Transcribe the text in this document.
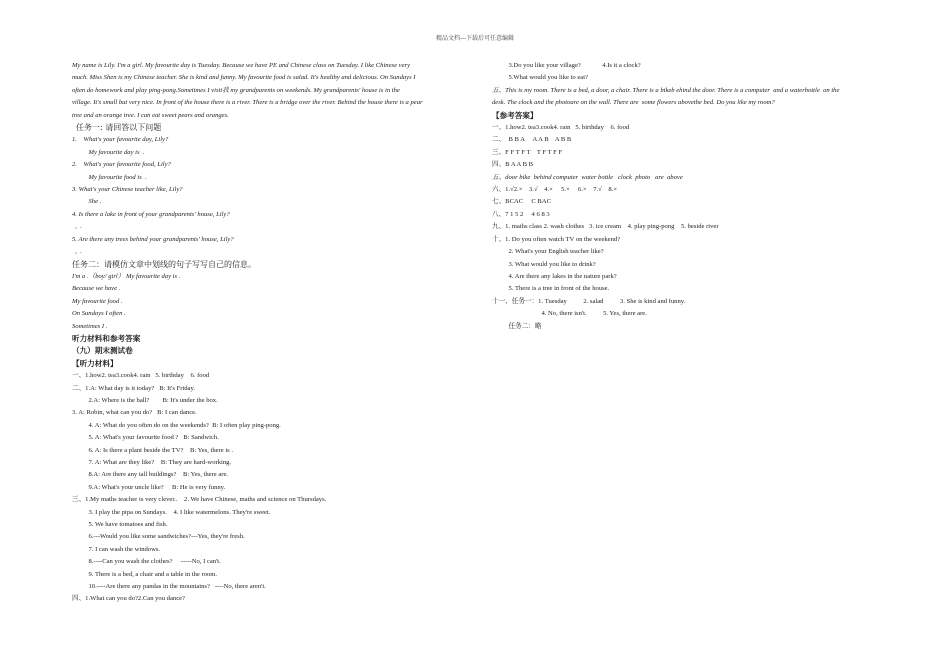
精品文档---下载后可任意编辑
My name is Lily. I'm a girl. My favourite day is Tuesday. Because we have PE and Chinese class on Tuesday. I like Chinese very
much. Miss Shen is my Chinese teacher. She is kind and funny. My favourite food is salad. It's healthy and delicious. On Sundays I
often do homework and play ping-pong.Sometimes I visit我 my grandparents on weekends. My grandparents' house is in the
village. It's small but very nice. In front of the house there is a river. There is a bridge over the river. Behind the house there is a pear
tree and an orange tree. I can eat sweet pears and oranges.
任务一: 请回答以下问题
1.    What's your favourite day, Lily?
My favourite day is  .
2.    What's your favourite food, Lily?
My favourite food is  .
3. What's your Chinese teacher like, Lily?
She .
4. Is there a lake in front of your grandparents' house, Lily?
,  .
5. Are there any trees behind your grandparents' house, Lily?
,  .
任务二：请模仿文章中划线的句子写写自己的信息。
I'm a .（boy/ girl） My favourite day is .
Because we have .
My favourite food .
On Sundays I often .
Sometimes I .
听力材料和参考答案
（九）期末测试卷
【听力材料】
一、1.how2. tea3.cook4. rain   5. birthday    6. food
二、1.A: What day is it today?   B: It's Friday.
2.A: Where is the ball?        B: It's under the box.
3. A: Robin, what can you do?   B: I can dance.
4. A: What do you often do on the weekends?  B: I often play ping-pong.
5. A: What's your favourite food ?   B: Sandwich.
6. A: Is there a plant beside the TV?    B: Yes, there is .
7. A: What are they like?    B: They are hard-working.
8.A: Are there any tall buildings?    B: Yes, there are.
9.A: What's your uncle like?     B: He is very funny.
三、1.My maths teacher is very clever..    2. We have Chinese, maths and science on Thursdays.
3. I play the pipa on Sundays.    4. I like watermelons. They're sweet.
5. We have tomatoes and fish.
6.---Would you like some sandwiches?---Yes, they're fresh.
7. I can wash the windows.
8.----Can you wash the clothes?     -----No, I can't.
9. There is a bed, a chair and a table in the room.
10.----Are there any pandas in the mountains?   ----No, there aren't.
四、1.What can you do?2.Can you dance?
3.Do you like your village?             4.Is it a clock?
5.What would you like to eat?
五、This is my room. There is a bed, a door, a chair. There is a bikeb ehind the door. There is a computer  and a waterbottle  on the
desk. The clock and the photoare on the wall. There are  some flowers abovethe bed. Do you like my room?
【参考答案】
一、1.how2. tea3.cook4. rain   5. birthday    6. food
二、  B B A     A A B    A B B
三、F F T F T    T F T F F
四、B A A B B
五、door bike  behind computer  water bottle   clock  photo   are  above
六、1.√2.×    3.√    4.×     5.×     6.×    7.√    8.×
七、BCAC     C BAC
八、7 1 5 2     4 6 8 3
九、1. maths class 2. wash clothes   3. ice cream    4. play ping-pong    5. beside river
十、1. Do you often watch TV on the weekend?
2. What's your English teacher like?
3. What would you like to drink?
4. Are there any lakes in the nature park?
5. There is a tree in front of the house.
十一、任务一：1. Tuesday          2. salad          3. She is kind and funny.
4. No, there isn't.          5. Yes, there are.
任务二：略
